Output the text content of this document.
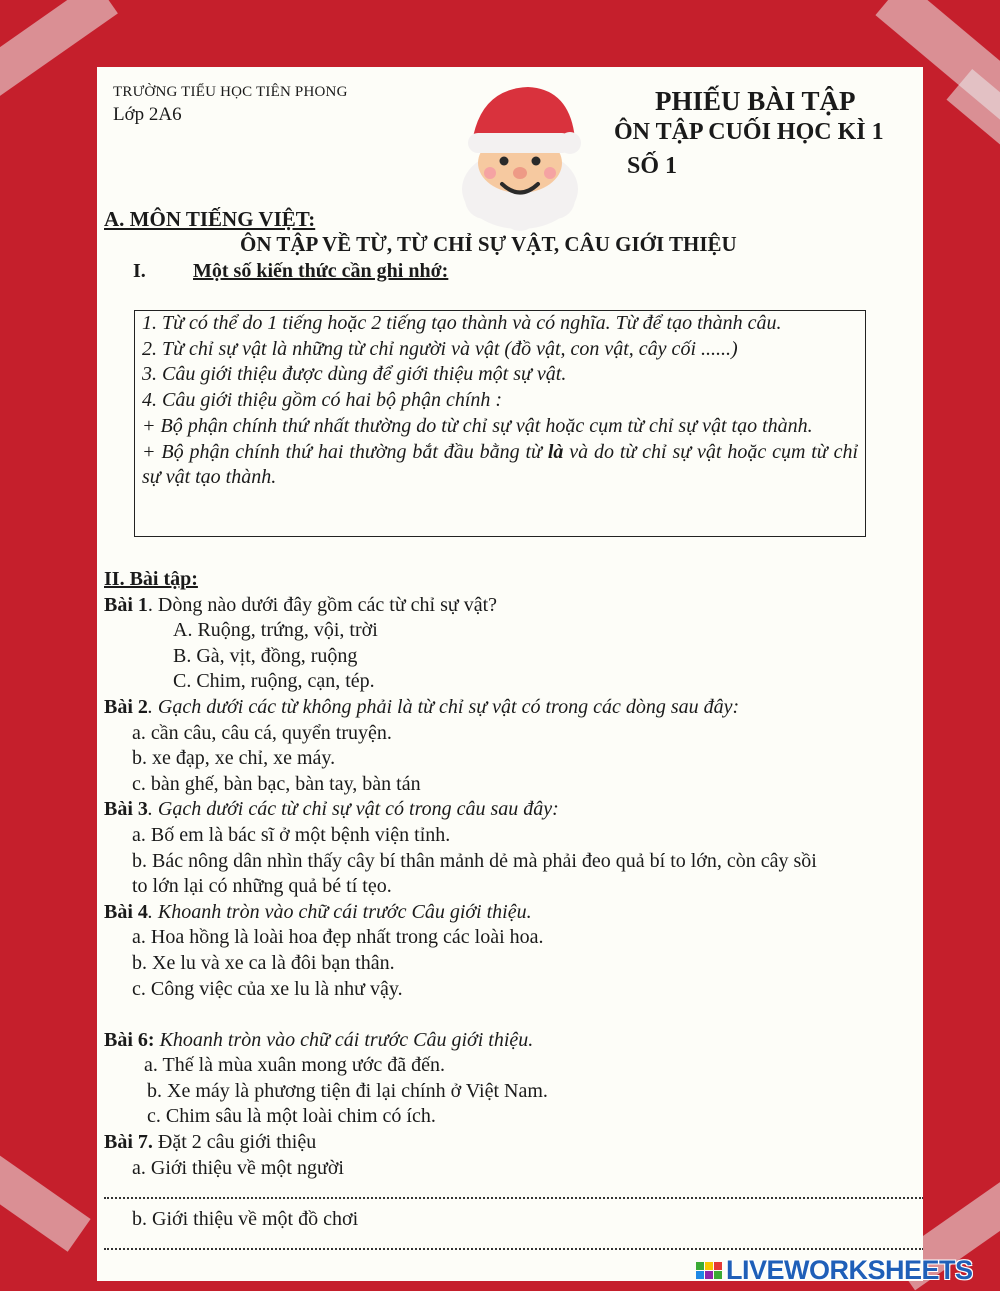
TRƯỜNG TIỂU HỌC TIÊN PHONG
Lớp 2A6	PHIẾU BÀI TẬP
ÔN TẬP CUỐI HỌC KÌ 1
SỐ 1
A. MÔN TIẾNG VIỆT:
ÔN TẬP VỀ TỪ, TỪ CHỈ SỰ VẬT, CÂU GIỚI THIỆU
I. Một số kiến thức cần ghi nhớ:

1. Từ có thể do 1 tiếng hoặc 2 tiếng tạo thành và có nghĩa. Từ để tạo thành câu.

2. Từ chỉ sự vật là những từ chỉ người và vật (đồ vật, con vật, cây cối ......)

3. Câu giới thiệu được dùng để giới thiệu một sự vật.

4. Câu giới thiệu gồm có hai bộ phận chính :

+ Bộ phận chính thứ nhất thường do từ chỉ sự vật hoặc cụm từ chỉ sự vật tạo thành.

+ Bộ phận chính thứ hai thường bắt đầu bằng từ là và do từ chỉ sự vật hoặc cụm từ chỉ sự vật tạo thành.

II. Bài tập:
Bài 1. Dòng nào dưới đây gồm các từ chỉ sự vật?
A. Ruộng, trứng, vội, trời
B. Gà, vịt, đồng, ruộng
C. Chim, ruộng, cạn, tép.
Bài 2. Gạch dưới các từ không phải là từ chỉ sự vật có trong các dòng sau đây:
a. cần câu, câu cá, quyển truyện.
b. xe đạp, xe chỉ, xe máy.
c. bàn ghế, bàn bạc, bàn tay, bàn tán
Bài 3. Gạch dưới các từ chỉ sự vật có trong câu sau đây:
a. Bố em là bác sĩ ở một bệnh viện tỉnh.
b. Bác nông dân nhìn thấy cây bí thân mảnh dẻ mà phải đeo quả bí to lớn, còn cây sồi
to lớn lại có những quả bé tí tẹo.
Bài 4. Khoanh tròn vào chữ cái trước Câu giới thiệu.
a. Hoa hồng là loài hoa đẹp nhất trong các loài hoa.
b. Xe lu và xe ca là đôi bạn thân.
c. Công việc của xe lu là như vậy.
Bài 6: Khoanh tròn vào chữ cái trước Câu giới thiệu.
a. Thế là mùa xuân mong ước đã đến.
b. Xe máy là phương tiện đi lại chính ở Việt Nam.
c. Chim sâu là một loài chim có ích.
Bài 7. Đặt 2 câu giới thiệu
a. Giới thiệu về một người
b. Giới thiệu về một đồ chơi
LIVEWORKSHEETS
